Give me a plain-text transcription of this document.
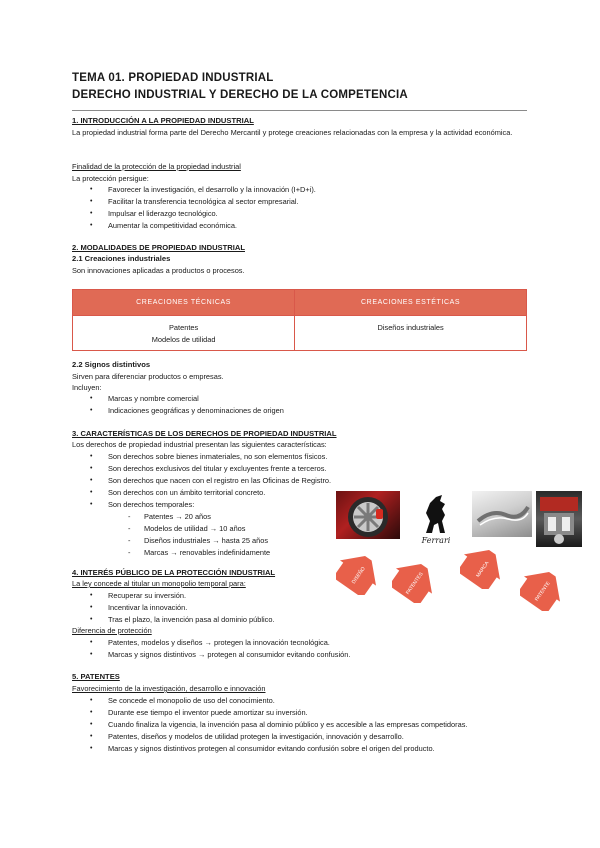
TEMA 01. PROPIEDAD INDUSTRIAL
DERECHO INDUSTRIAL Y DERECHO DE LA COMPETENCIA
1. INTRODUCCIÓN A LA PROPIEDAD INDUSTRIAL
La propiedad industrial forma parte del Derecho Mercantil y protege creaciones relacionadas con la empresa y la actividad económica.
Finalidad de la protección de la propiedad industrial
La protección persigue:
• Favorecer la investigación, el desarrollo y la innovación (I+D+i).
• Facilitar la transferencia tecnológica al sector empresarial.
• Impulsar el liderazgo tecnológico.
• Aumentar la competitividad económica.
2. MODALIDADES DE PROPIEDAD INDUSTRIAL
2.1 Creaciones industriales
Son innovaciones aplicadas a productos o procesos.
CREACIONES TÉCNICAS	CREACIONES ESTÉTICAS

Patentes
Modelos de utilidad	Diseños industriales
2.2 Signos distintivos
Sirven para diferenciar productos o empresas.
Incluyen:
• Marcas y nombre comercial
• Indicaciones geográficas y denominaciones de origen
3. CARACTERÍSTICAS DE LOS DERECHOS DE PROPIEDAD INDUSTRIAL
Los derechos de propiedad industrial presentan las siguientes características:
• Son derechos sobre bienes inmateriales, no son elementos físicos.
• Son derechos exclusivos del titular y excluyentes frente a terceros.
• Son derechos que nacen con el registro en las Oficinas de Registro.
• Son derechos con un ámbito territorial concreto.
• Son derechos temporales:
- Patentes → 20 años
- Modelos de utilidad → 10 años
- Diseños industriales → hasta 25 años
- Marcas → renovables indefinidamente
Ferrari
DISEÑO	PATENTES
MARCA
PATENTE
4. INTERÉS PÚBLICO DE LA PROTECCIÓN INDUSTRIAL
La ley concede al titular un monopolio temporal para:
• Recuperar su inversión.
• Incentivar la innovación.
• Tras el plazo, la invención pasa al dominio público.
Diferencia de protección
• Patentes, modelos y diseños → protegen la innovación tecnológica.
• Marcas y signos distintivos → protegen al consumidor evitando confusión.
5. PATENTES
Favorecimiento de la investigación, desarrollo e innovación
• Se concede el monopolio de uso del conocimiento.
• Durante ese tiempo el inventor puede amortizar su inversión.
• Cuando finaliza la vigencia, la invención pasa al dominio público y es accesible a las empresas competidoras.
• Patentes, diseños y modelos de utilidad protegen la investigación, innovación y desarrollo.
• Marcas y signos distintivos protegen al consumidor evitando confusión sobre el origen del producto.
